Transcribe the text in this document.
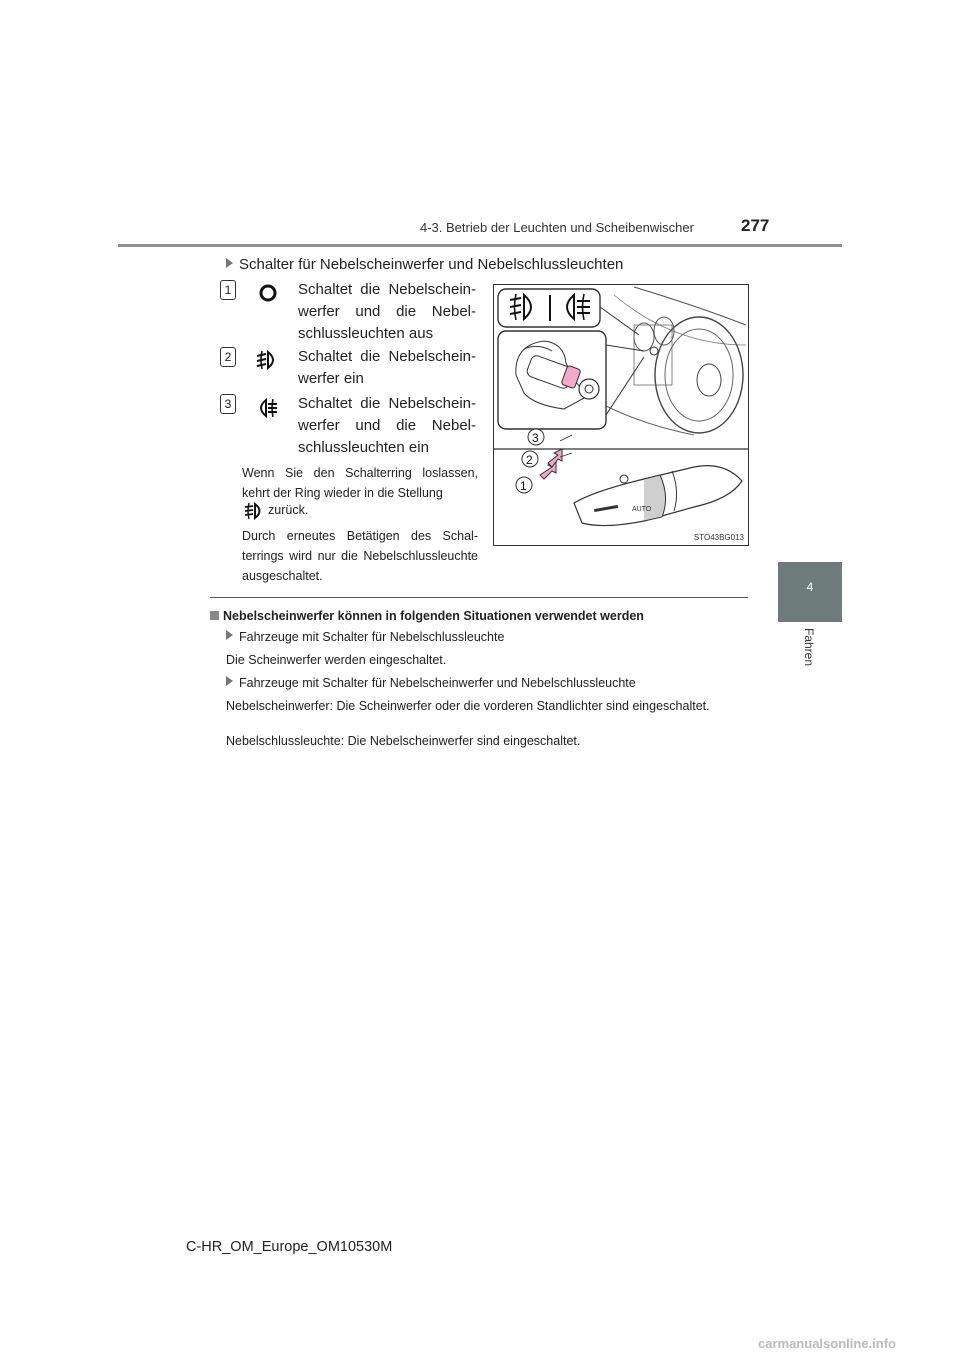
4-3. Betrieb der Leuchten und Scheibenwischer	277
4
Fahren
Schalter für Nebelscheinwerfer und Nebelschlussleuchten
1	Schaltet die Nebelscheinwerfer und die Nebelschlussleuchten aus
2	Schaltet die Nebelscheinwerfer ein
3	Schaltet die Nebelscheinwerfer und die Nebelschlussleuchten ein
Wenn Sie den Schalterring loslassen, kehrt der Ring wieder in die Stellung
zurück.
Durch erneutes Betätigen des Schalterrings wird nur die Nebelschlussleuchte ausgeschaltet.
AUTO
3
2
1
STO43BG013
Nebelscheinwerfer können in folgenden Situationen verwendet werden
Fahrzeuge mit Schalter für Nebelschlussleuchte
Die Scheinwerfer werden eingeschaltet.
Fahrzeuge mit Schalter für Nebelscheinwerfer und Nebelschlussleuchte
Nebelscheinwerfer: Die Scheinwerfer oder die vorderen Standlichter sind eingeschaltet.
Nebelschlussleuchte: Die Nebelscheinwerfer sind eingeschaltet.
C-HR_OM_Europe_OM10530M
carmanualsonline.info
